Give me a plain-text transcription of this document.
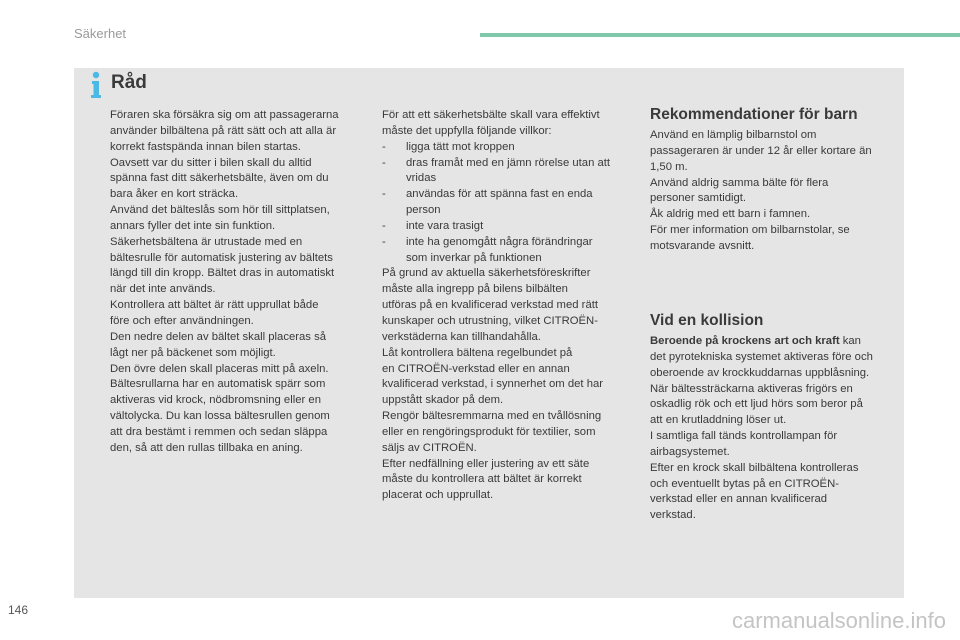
Säkerhet
Råd

Föraren ska försäkra sig om att passagerarna

använder bilbältena på rätt sätt och att alla är

korrekt fastspända innan bilen startas.

Oavsett var du sitter i bilen skall du alltid

spänna fast ditt säkerhetsbälte, även om du

bara åker en kort sträcka.

Använd det bälteslås som hör till sittplatsen,

annars fyller det inte sin funktion.

Säkerhetsbältena är utrustade med en

bältesrulle för automatisk justering av bältets

längd till din kropp. Bältet dras in automatiskt

när det inte används.

Kontrollera att bältet är rätt upprullat både

före och efter användningen.

Den nedre delen av bältet skall placeras så

lågt ner på bäckenet som möjligt.

Den övre delen skall placeras mitt på axeln.

Bältesrullarna har en automatisk spärr som

aktiveras vid krock, nödbromsning eller en

vältolycka. Du kan lossa bältesrullen genom

att dra bestämt i remmen och sedan släppa

den, så att den rullas tillbaka en aning.

För att ett säkerhetsbälte skall vara effektivt

måste det uppfylla följande villkor:

-	ligga tätt mot kroppen

-	dras framåt med en jämn rörelse utan att

vridas

-	användas för att spänna fast en enda

person

-	inte vara trasigt

-	inte ha genomgått några förändringar

som inverkar på funktionen

På grund av aktuella säkerhetsföreskrifter

måste alla ingrepp på bilens bilbälten

utföras på en kvalificerad verkstad med rätt

kunskaper och utrustning, vilket CITROËN-

verkstäderna kan tillhandahålla.

Låt kontrollera bältena regelbundet på

en CITROËN-verkstad eller en annan

kvalificerad verkstad, i synnerhet om det har

uppstått skador på dem.

Rengör bältesremmarna med en tvållösning

eller en rengöringsprodukt för textilier, som

säljs av CITROËN.

Efter nedfällning eller justering av ett säte

måste du kontrollera att bältet är korrekt

placerat och upprullat.

Rekommendationer för barn

Använd en lämplig bilbarnstol om

passageraren är under 12 år eller kortare än

1,50 m.

Använd aldrig samma bälte för flera

personer samtidigt.

Åk aldrig med ett barn i famnen.

För mer information om bilbarnstolar, se

motsvarande avsnitt.

Vid en kollision

Beroende på krockens art och kraft kan

det pyrotekniska systemet aktiveras före och

oberoende av krockkuddarnas uppblåsning.

När bältessträckarna aktiveras frigörs en

oskadlig rök och ett ljud hörs som beror på

att en krutladdning löser ut.

I samtliga fall tänds kontrollampan för

airbagsystemet.

Efter en krock skall bilbältena kontrolleras

och eventuellt bytas på en CITROËN-

verkstad eller en annan kvalificerad

verkstad.

146	carmanualsonline.info
